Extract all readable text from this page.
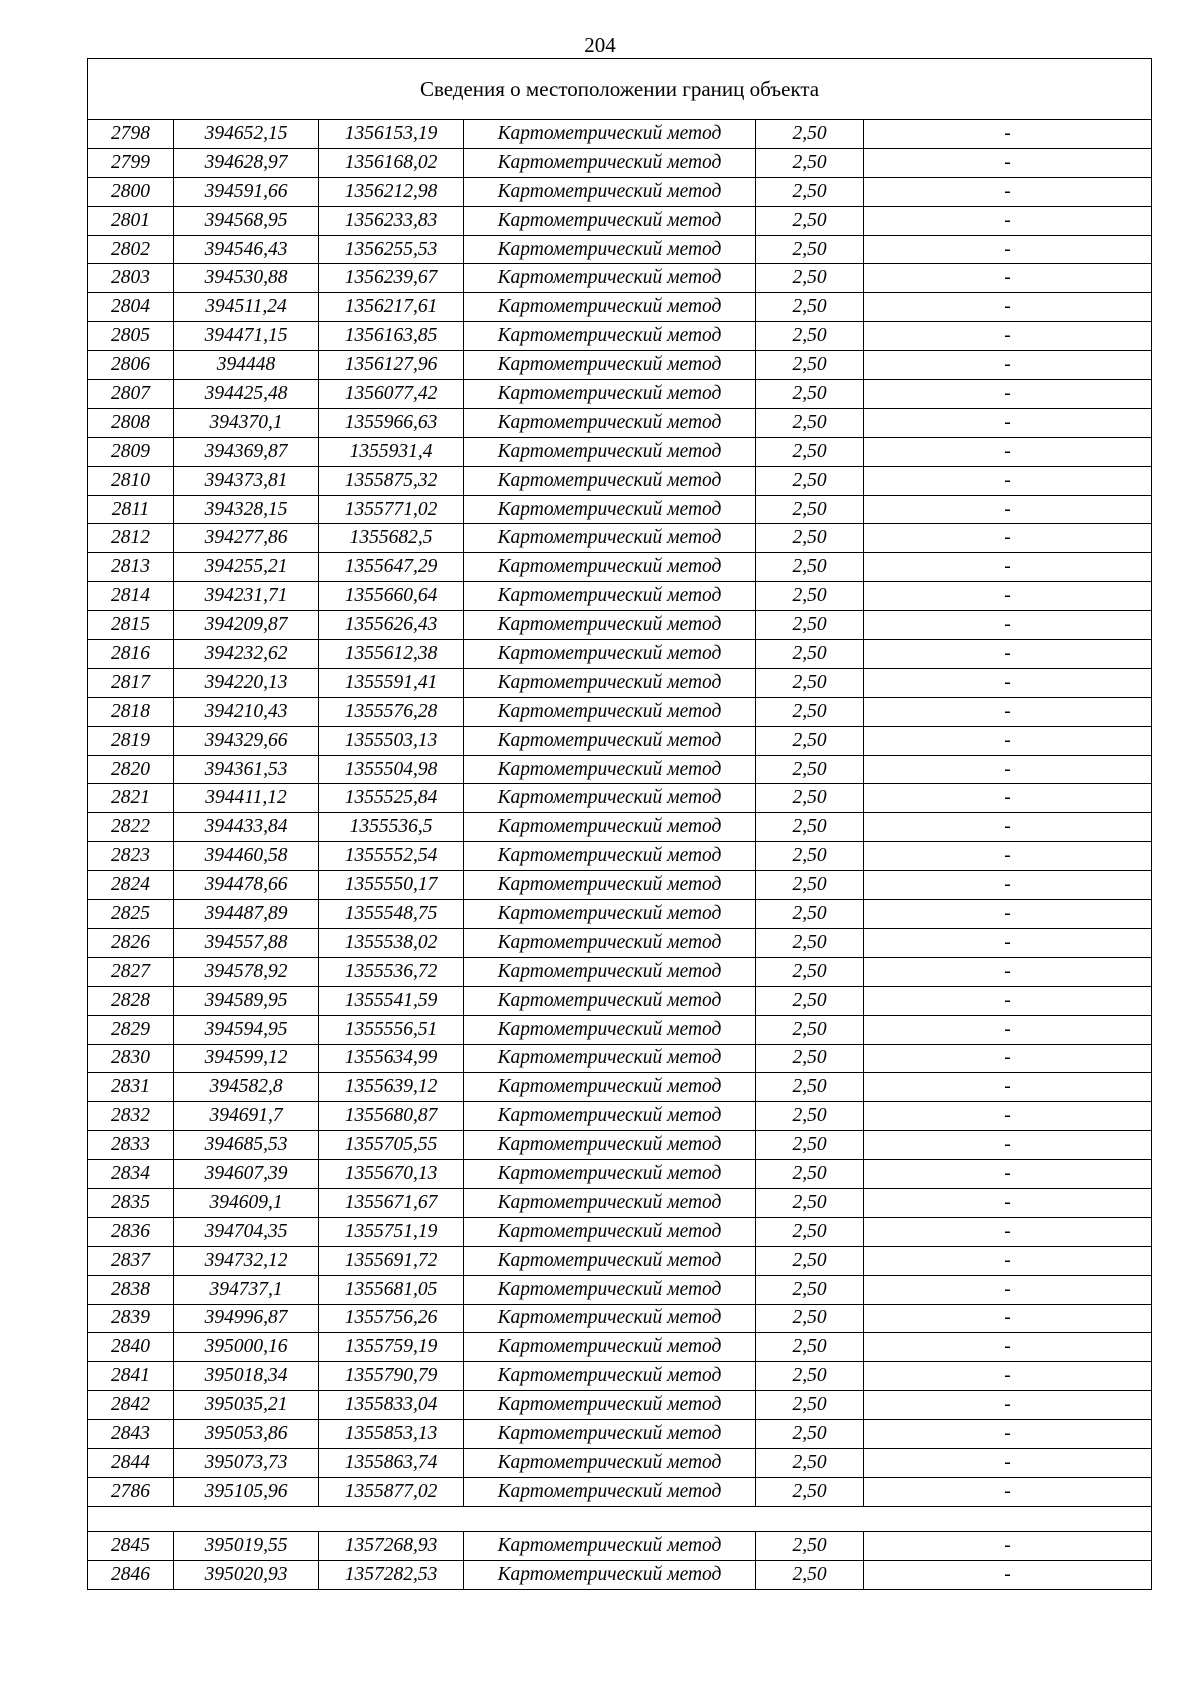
204
Сведения о местоположении границ объекта					
2798	394652,15	1356153,19	Картометрический метод	2,50	-
2799	394628,97	1356168,02	Картометрический метод	2,50	-
2800	394591,66	1356212,98	Картометрический метод	2,50	-
2801	394568,95	1356233,83	Картометрический метод	2,50	-
2802	394546,43	1356255,53	Картометрический метод	2,50	-
2803	394530,88	1356239,67	Картометрический метод	2,50	-
2804	394511,24	1356217,61	Картометрический метод	2,50	-
2805	394471,15	1356163,85	Картометрический метод	2,50	-
2806	394448	1356127,96	Картометрический метод	2,50	-
2807	394425,48	1356077,42	Картометрический метод	2,50	-
2808	394370,1	1355966,63	Картометрический метод	2,50	-
2809	394369,87	1355931,4	Картометрический метод	2,50	-
2810	394373,81	1355875,32	Картометрический метод	2,50	-
2811	394328,15	1355771,02	Картометрический метод	2,50	-
2812	394277,86	1355682,5	Картометрический метод	2,50	-
2813	394255,21	1355647,29	Картометрический метод	2,50	-
2814	394231,71	1355660,64	Картометрический метод	2,50	-
2815	394209,87	1355626,43	Картометрический метод	2,50	-
2816	394232,62	1355612,38	Картометрический метод	2,50	-
2817	394220,13	1355591,41	Картометрический метод	2,50	-
2818	394210,43	1355576,28	Картометрический метод	2,50	-
2819	394329,66	1355503,13	Картометрический метод	2,50	-
2820	394361,53	1355504,98	Картометрический метод	2,50	-
2821	394411,12	1355525,84	Картометрический метод	2,50	-
2822	394433,84	1355536,5	Картометрический метод	2,50	-
2823	394460,58	1355552,54	Картометрический метод	2,50	-
2824	394478,66	1355550,17	Картометрический метод	2,50	-
2825	394487,89	1355548,75	Картометрический метод	2,50	-
2826	394557,88	1355538,02	Картометрический метод	2,50	-
2827	394578,92	1355536,72	Картометрический метод	2,50	-
2828	394589,95	1355541,59	Картометрический метод	2,50	-
2829	394594,95	1355556,51	Картометрический метод	2,50	-
2830	394599,12	1355634,99	Картометрический метод	2,50	-
2831	394582,8	1355639,12	Картометрический метод	2,50	-
2832	394691,7	1355680,87	Картометрический метод	2,50	-
2833	394685,53	1355705,55	Картометрический метод	2,50	-
2834	394607,39	1355670,13	Картометрический метод	2,50	-
2835	394609,1	1355671,67	Картометрический метод	2,50	-
2836	394704,35	1355751,19	Картометрический метод	2,50	-
2837	394732,12	1355691,72	Картометрический метод	2,50	-
2838	394737,1	1355681,05	Картометрический метод	2,50	-
2839	394996,87	1355756,26	Картометрический метод	2,50	-
2840	395000,16	1355759,19	Картометрический метод	2,50	-
2841	395018,34	1355790,79	Картометрический метод	2,50	-
2842	395035,21	1355833,04	Картометрический метод	2,50	-
2843	395053,86	1355853,13	Картометрический метод	2,50	-
2844	395073,73	1355863,74	Картометрический метод	2,50	-
2786	395105,96	1355877,02	Картометрический метод	2,50	-

2845	395019,55	1357268,93	Картометрический метод	2,50	-
2846	395020,93	1357282,53	Картометрический метод	2,50	-
